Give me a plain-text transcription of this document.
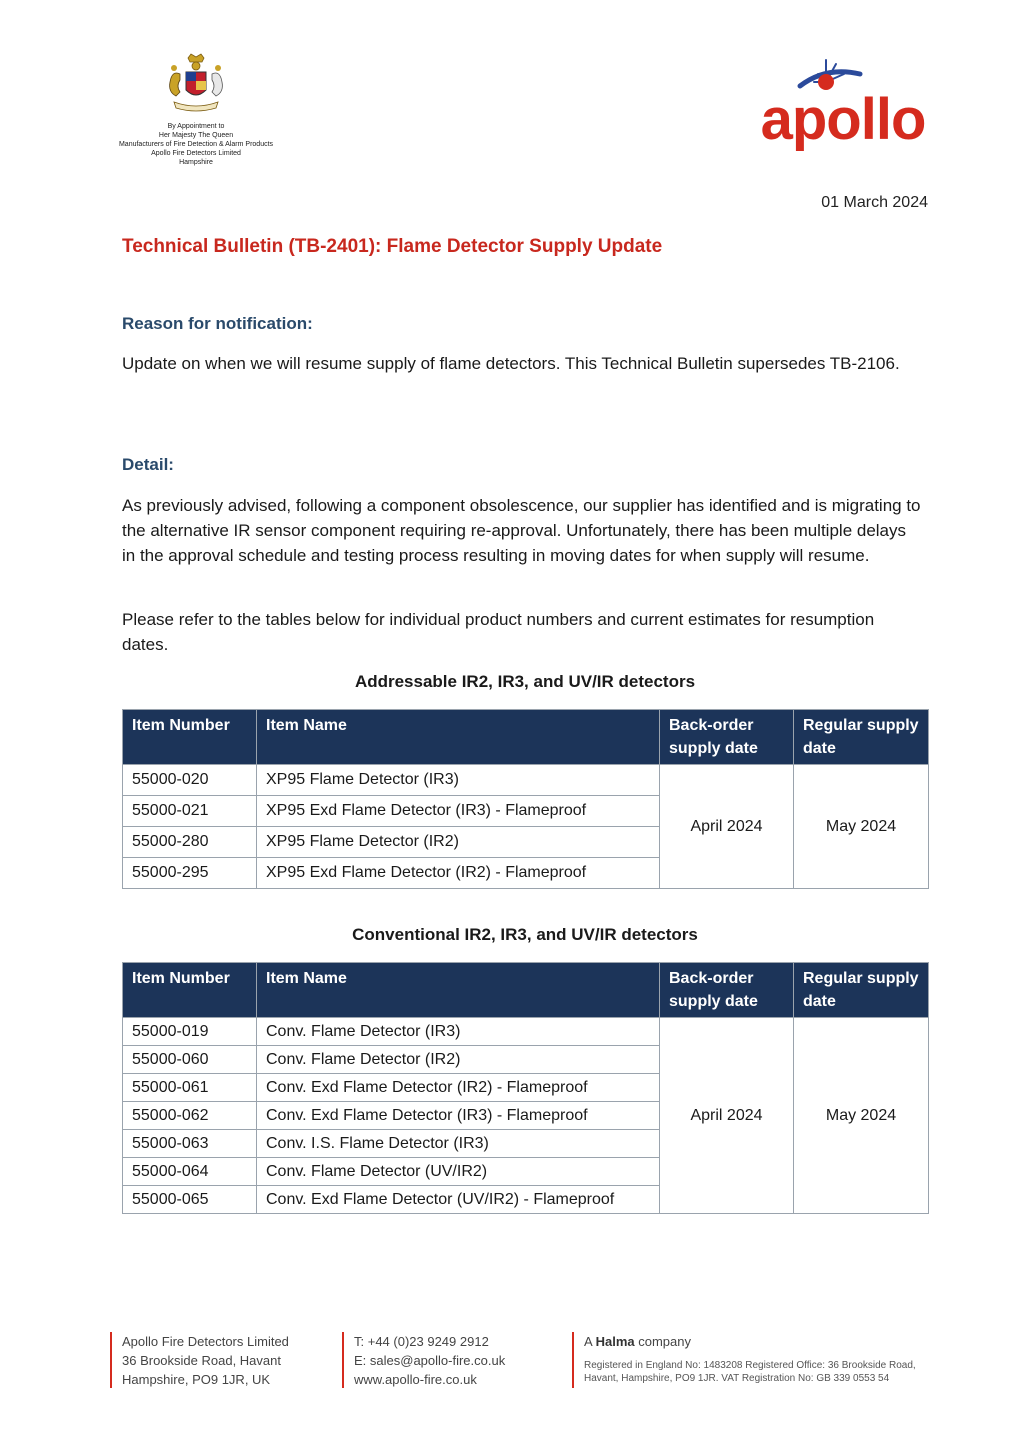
By Appointment to
Her Majesty The Queen
Manufacturers of Fire Detection & Alarm Products
Apollo Fire Detectors Limited
Hampshire
apollo
01 March 2024
Technical Bulletin (TB-2401): Flame Detector Supply Update
Reason for notification:
Update on when we will resume supply of flame detectors. This Technical Bulletin supersedes TB-2106.
Detail:
As previously advised, following a component obsolescence, our supplier has identified and is migrating to the alternative IR sensor component requiring re-approval. Unfortunately, there has been multiple delays in the approval schedule and testing process resulting in moving dates for when supply will resume.
Please refer to the tables below for individual product numbers and current estimates for resumption dates.
Addressable IR2, IR3, and UV/IR detectors
Item Number	Item Name	Back-order supply date	Regular supply date
55000-020	XP95 Flame Detector (IR3)	April 2024	May 2024
55000-021	XP95 Exd Flame Detector (IR3) - Flameproof		
55000-280	XP95 Flame Detector (IR2)		
55000-295	XP95 Exd Flame Detector (IR2) - Flameproof		
Conventional IR2, IR3, and UV/IR detectors
Item Number	Item Name	Back-order supply date	Regular supply date
55000-019	Conv. Flame Detector (IR3)	April 2024	May 2024
55000-060	Conv. Flame Detector (IR2)		
55000-061	Conv. Exd Flame Detector (IR2) - Flameproof		
55000-062	Conv. Exd Flame Detector (IR3) - Flameproof		
55000-063	Conv. I.S. Flame Detector (IR3)		
55000-064	Conv. Flame Detector (UV/IR2)		
55000-065	Conv. Exd Flame Detector (UV/IR2) - Flameproof		
Apollo Fire Detectors Limited
36 Brookside Road, Havant
Hampshire, PO9 1JR, UK
T: +44 (0)23 9249 2912
E: sales@apollo-fire.co.uk
www.apollo-fire.co.uk
A Halma company
Registered in England No: 1483208 Registered Office: 36 Brookside Road,
Havant, Hampshire, PO9 1JR. VAT Registration No: GB 339 0553 54
